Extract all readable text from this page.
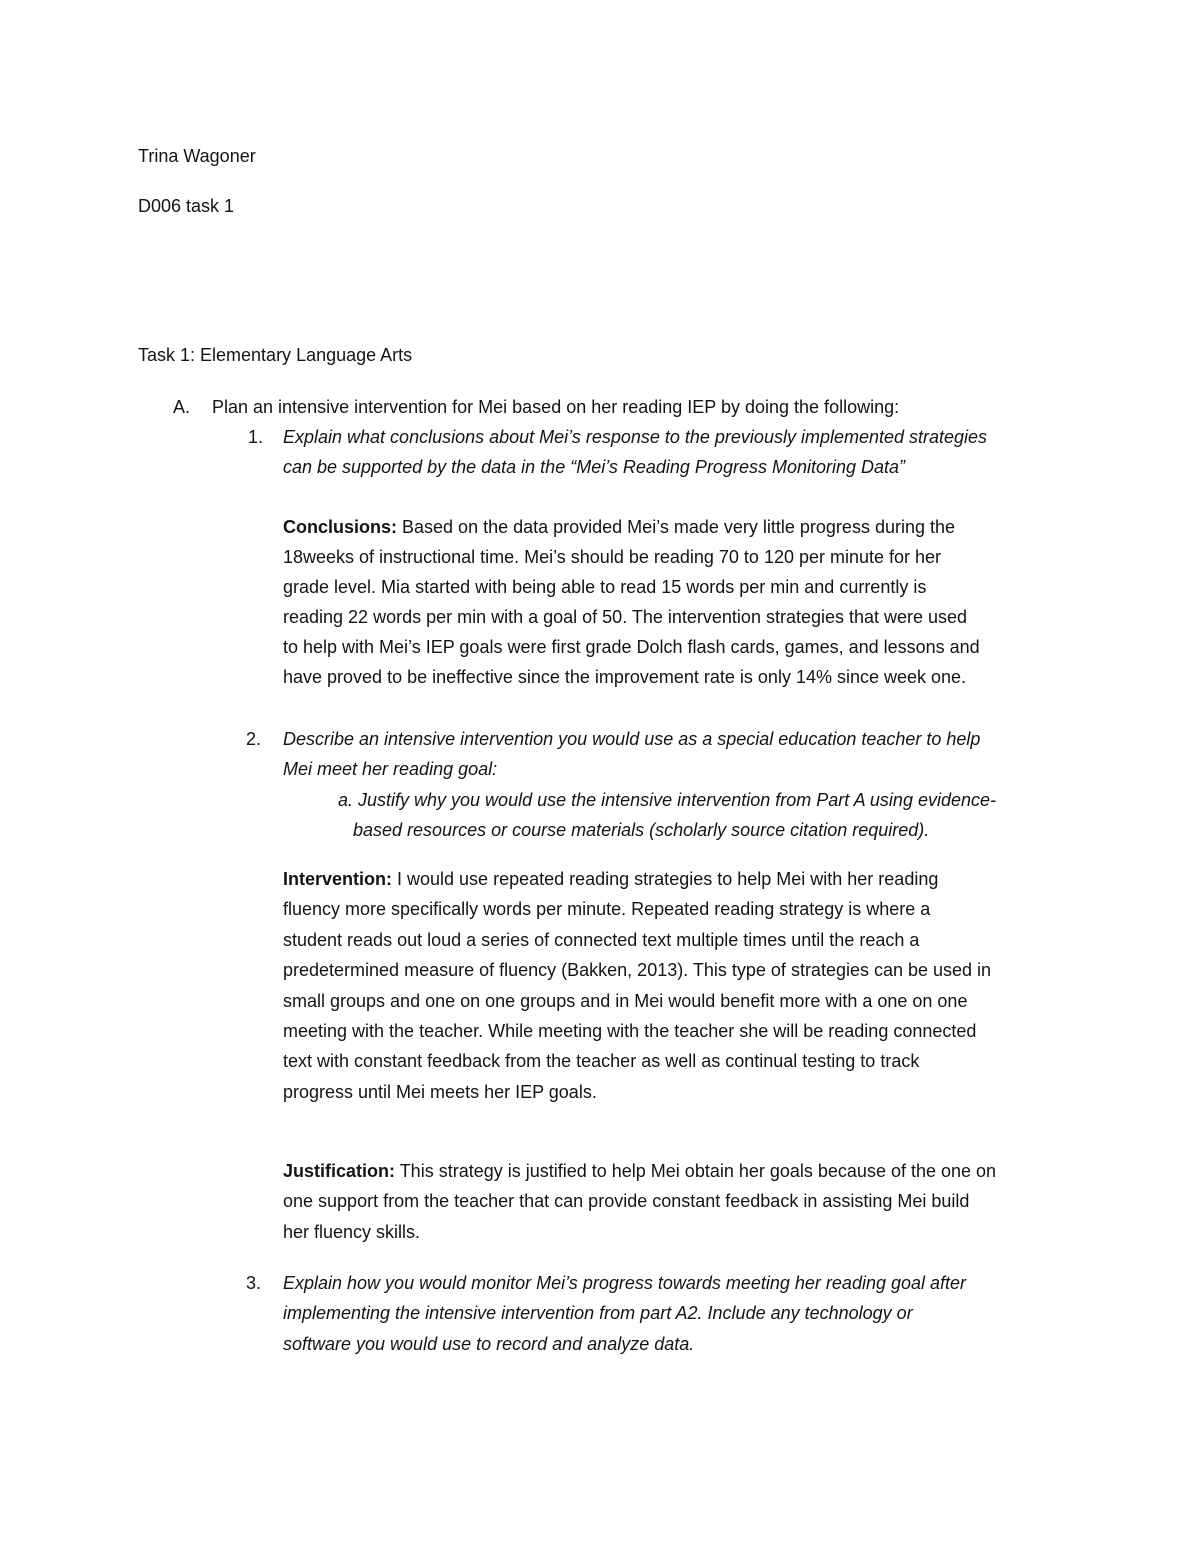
Trina Wagoner
D006 task 1
Task 1: Elementary Language Arts
A. Plan an intensive intervention for Mei based on her reading IEP by doing the following:
1. Explain what conclusions about Mei’s response to the previously implemented strategies
can be supported by the data in the “Mei’s Reading Progress Monitoring Data”
Conclusions: Based on the data provided Mei’s made very little progress during the
18weeks of instructional time. Mei’s should be reading 70 to 120 per minute for her
grade level. Mia started with being able to read 15 words per min and currently is
reading 22 words per min with a goal of 50. The intervention strategies that were used
to help with Mei’s IEP goals were first grade Dolch flash cards, games, and lessons and
have proved to be ineffective since the improvement rate is only 14% since week one.
2. Describe an intensive intervention you would use as a special education teacher to help
Mei meet her reading goal:
a. Justify why you would use the intensive intervention from Part A using evidence-
based resources or course materials (scholarly source citation required).
Intervention: I would use repeated reading strategies to help Mei with her reading
fluency more specifically words per minute. Repeated reading strategy is where a
student reads out loud a series of connected text multiple times until the reach a
predetermined measure of fluency (Bakken, 2013). This type of strategies can be used in
small groups and one on one groups and in Mei would benefit more with a one on one
meeting with the teacher. While meeting with the teacher she will be reading connected
text with constant feedback from the teacher as well as continual testing to track
progress until Mei meets her IEP goals.
Justification: This strategy is justified to help Mei obtain her goals because of the one on
one support from the teacher that can provide constant feedback in assisting Mei build
her fluency skills.
3. Explain how you would monitor Mei’s progress towards meeting her reading goal after
implementing the intensive intervention from part A2. Include any technology or
software you would use to record and analyze data.
